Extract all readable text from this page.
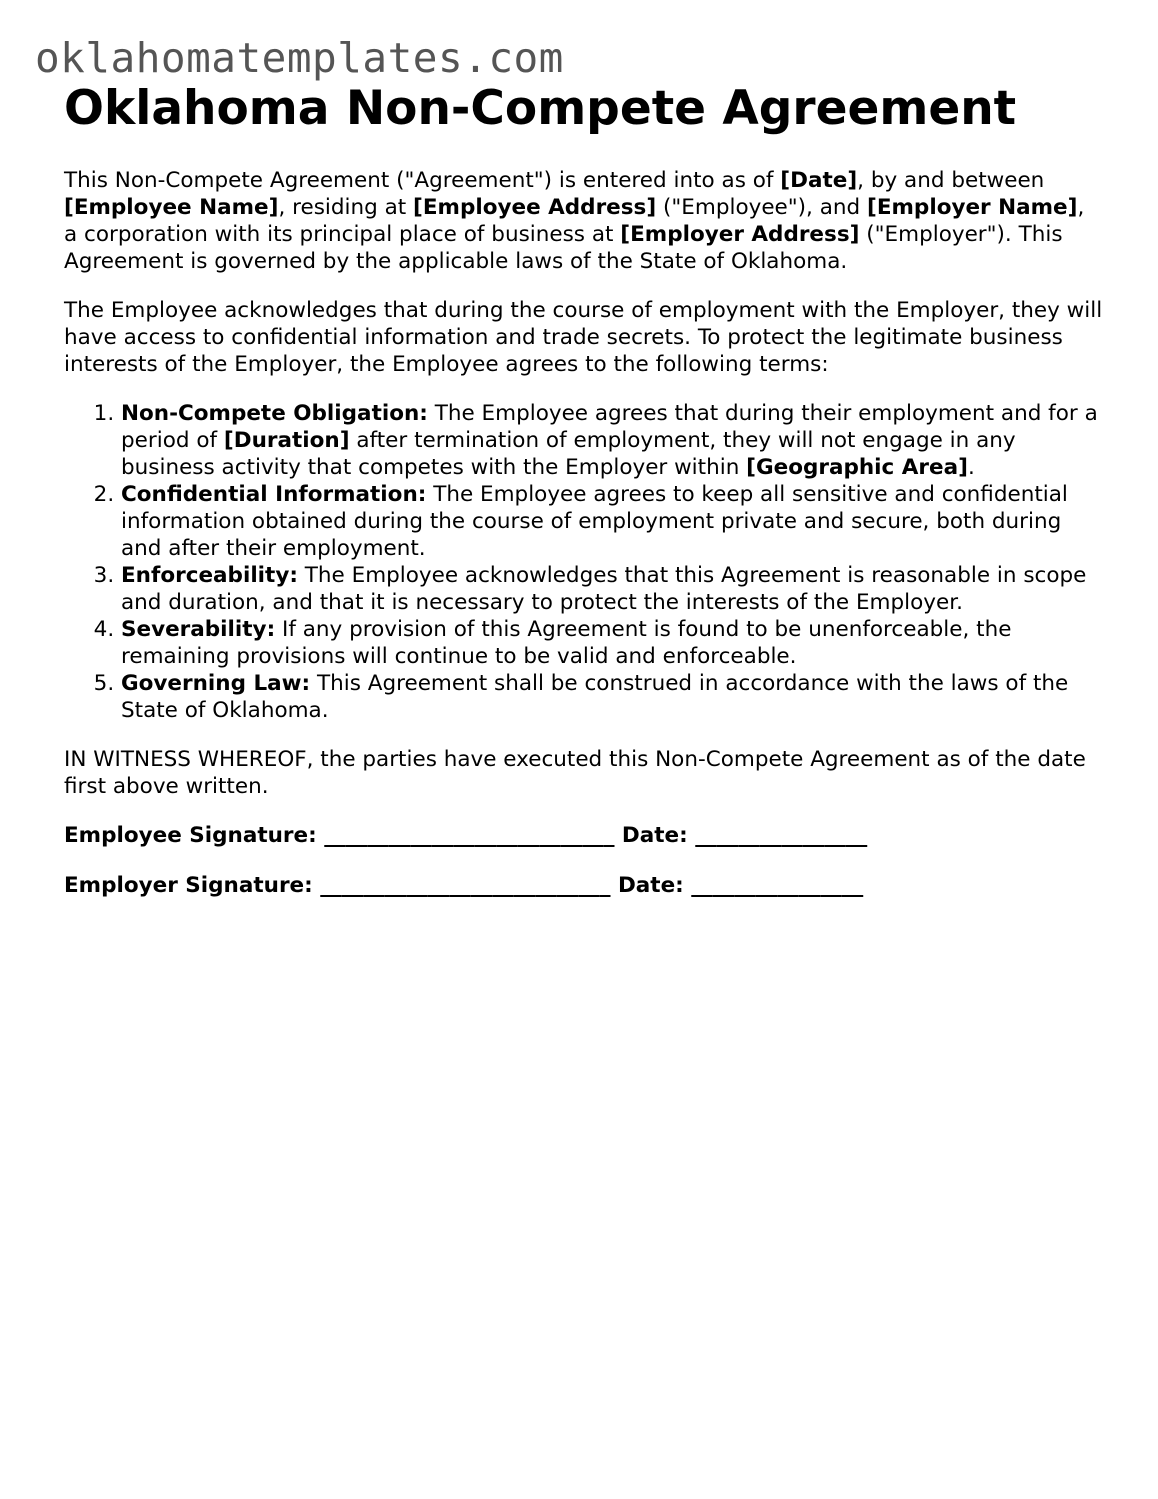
oklahomatemplates.com
Oklahoma Non-Compete Agreement

This Non-Compete Agreement ("Agreement") is entered into as of [Date], by and between [Employee Name], residing at [Employee Address] ("Employee"), and [Employer Name], a corporation with its principal place of business at [Employer Address] ("Employer"). This Agreement is governed by the applicable laws of the State of Oklahoma.

The Employee acknowledges that during the course of employment with the Employer, they will have access to confidential information and trade secrets. To protect the legitimate business interests of the Employer, the Employee agrees to the following terms:

1. Non-Compete Obligation: The Employee agrees that during their employment and for a period of [Duration] after termination of employment, they will not engage in any business activity that competes with the Employer within [Geographic Area].
2. Confidential Information: The Employee agrees to keep all sensitive and confidential information obtained during the course of employment private and secure, both during and after their employment.
3. Enforceability: The Employee acknowledges that this Agreement is reasonable in scope and duration, and that it is necessary to protect the interests of the Employer.
4. Severability: If any provision of this Agreement is found to be unenforceable, the remaining provisions will continue to be valid and enforceable.
5. Governing Law: This Agreement shall be construed in accordance with the laws of the State of Oklahoma.

IN WITNESS WHEREOF, the parties have executed this Non-Compete Agreement as of the date first above written.

Employee Signature: ___________________________ Date: ________________
Employer Signature: ___________________________ Date: ________________
